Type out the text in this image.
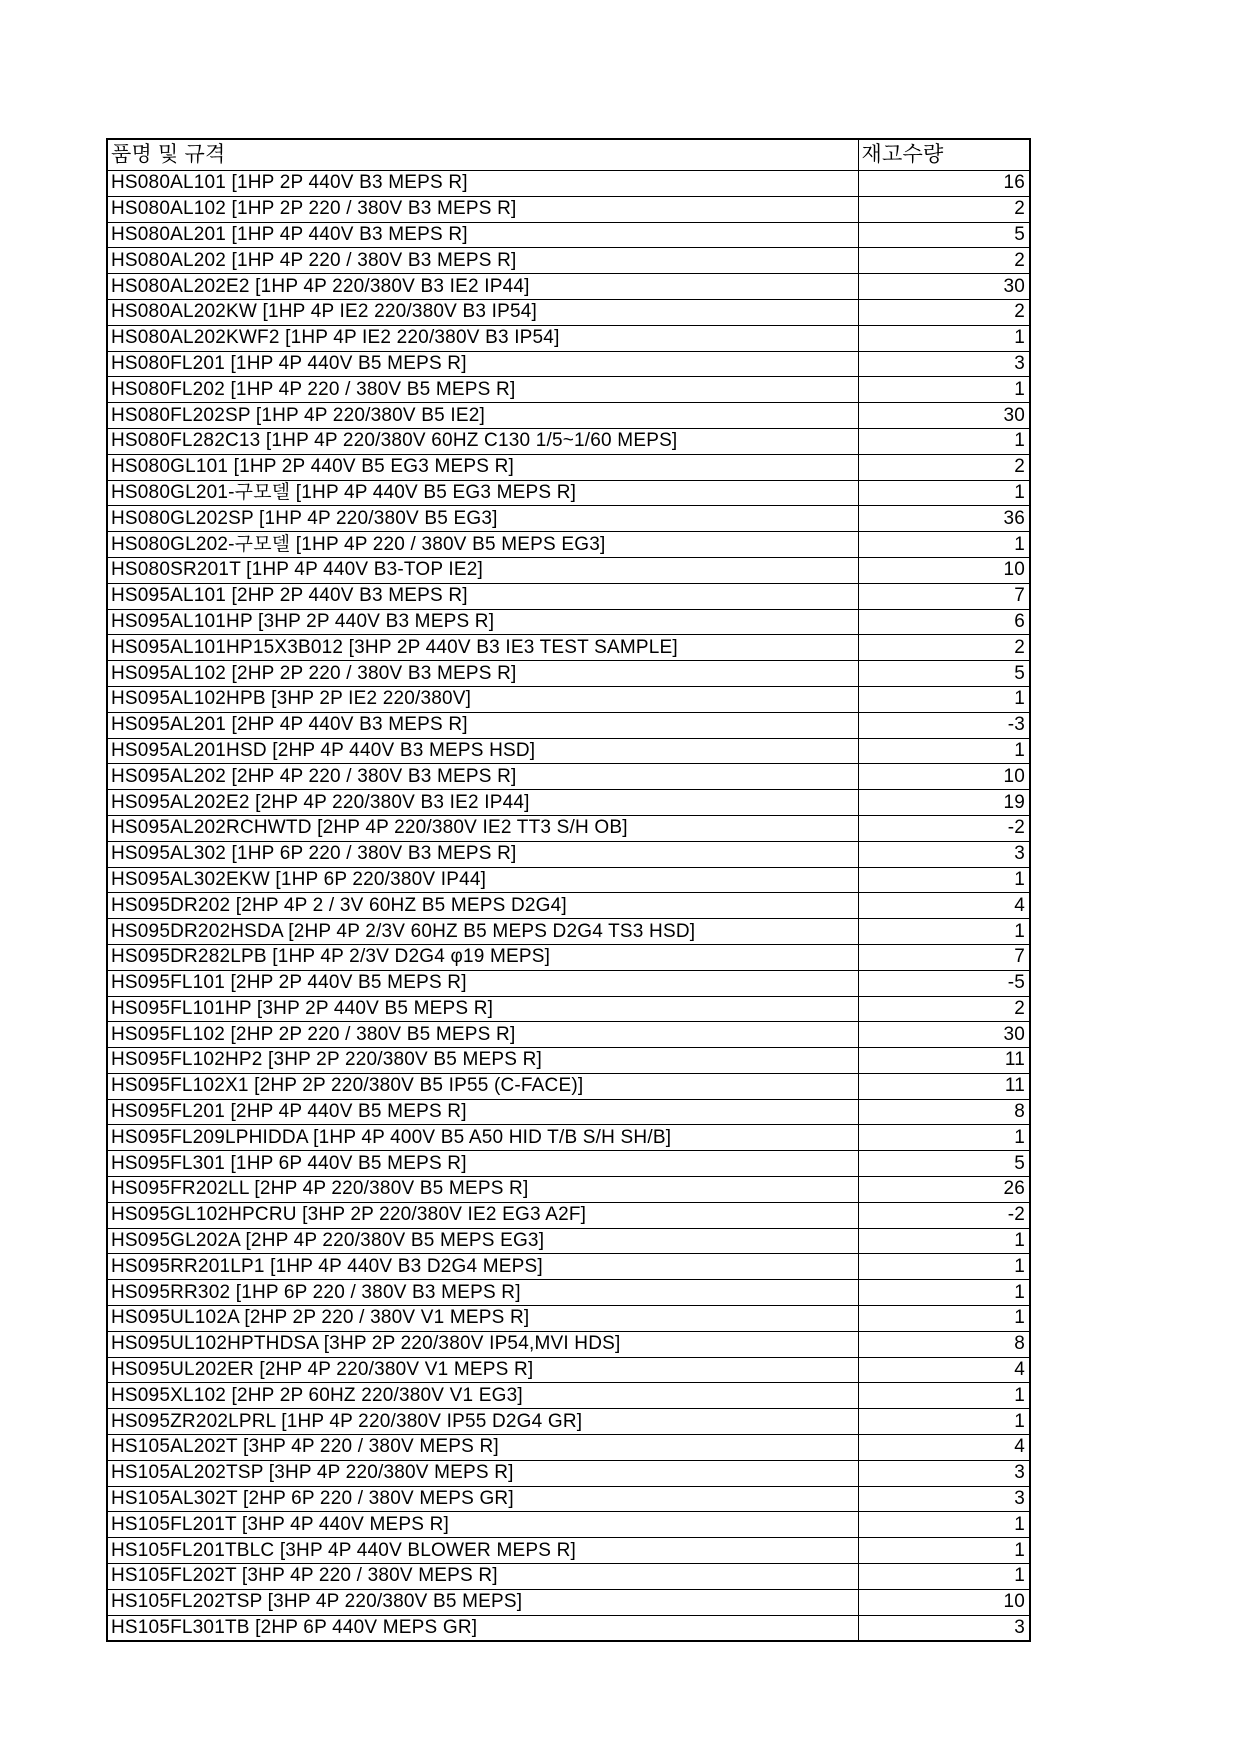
품명 및 규격	재고수량
HS080AL101 [1HP 2P 440V B3 MEPS R]	16
HS080AL102 [1HP 2P 220 / 380V B3 MEPS R]	2
HS080AL201 [1HP 4P 440V B3 MEPS R]	5
HS080AL202 [1HP 4P 220 / 380V B3 MEPS R]	2
HS080AL202E2 [1HP 4P 220/380V B3 IE2 IP44]	30
HS080AL202KW [1HP 4P IE2 220/380V B3 IP54]	2
HS080AL202KWF2 [1HP 4P IE2 220/380V B3 IP54]	1
HS080FL201 [1HP 4P 440V B5 MEPS R]	3
HS080FL202 [1HP 4P 220 / 380V B5 MEPS R]	1
HS080FL202SP [1HP 4P 220/380V B5 IE2]	30
HS080FL282C13 [1HP 4P 220/380V 60HZ C130 1/5~1/60 MEPS]	1
HS080GL101 [1HP 2P 440V B5 EG3 MEPS R]	2
HS080GL201-구모델 [1HP 4P 440V B5 EG3 MEPS R]	1
HS080GL202SP [1HP 4P 220/380V B5 EG3]	36
HS080GL202-구모델 [1HP 4P 220 / 380V B5 MEPS EG3]	1
HS080SR201T [1HP 4P 440V B3-TOP IE2]	10
HS095AL101 [2HP 2P 440V B3 MEPS R]	7
HS095AL101HP [3HP 2P 440V B3 MEPS R]	6
HS095AL101HP15X3B012 [3HP 2P 440V B3 IE3 TEST SAMPLE]	2
HS095AL102 [2HP 2P 220 / 380V B3 MEPS R]	5
HS095AL102HPB [3HP 2P IE2 220/380V]	1
HS095AL201 [2HP 4P 440V B3 MEPS R]	-3
HS095AL201HSD [2HP 4P 440V B3 MEPS HSD]	1
HS095AL202 [2HP 4P 220 / 380V B3 MEPS R]	10
HS095AL202E2 [2HP 4P 220/380V B3 IE2 IP44]	19
HS095AL202RCHWTD [2HP 4P 220/380V IE2 TT3 S/H OB]	-2
HS095AL302 [1HP 6P 220 / 380V B3 MEPS R]	3
HS095AL302EKW [1HP 6P 220/380V IP44]	1
HS095DR202 [2HP 4P 2 / 3V 60HZ B5 MEPS D2G4]	4
HS095DR202HSDA [2HP 4P 2/3V 60HZ B5 MEPS D2G4 TS3 HSD]	1
HS095DR282LPB [1HP 4P 2/3V D2G4 φ19 MEPS]	7
HS095FL101 [2HP 2P 440V B5 MEPS R]	-5
HS095FL101HP [3HP 2P 440V B5 MEPS R]	2
HS095FL102 [2HP 2P 220 / 380V B5 MEPS R]	30
HS095FL102HP2 [3HP 2P 220/380V B5 MEPS R]	11
HS095FL102X1 [2HP 2P 220/380V B5 IP55 (C-FACE)]	11
HS095FL201 [2HP 4P 440V B5 MEPS R]	8
HS095FL209LPHIDDA [1HP 4P 400V B5 A50 HID T/B S/H SH/B]	1
HS095FL301 [1HP 6P 440V B5 MEPS R]	5
HS095FR202LL [2HP 4P 220/380V B5 MEPS R]	26
HS095GL102HPCRU [3HP 2P 220/380V IE2 EG3 A2F]	-2
HS095GL202A [2HP 4P 220/380V B5 MEPS EG3]	1
HS095RR201LP1 [1HP 4P 440V B3 D2G4 MEPS]	1
HS095RR302 [1HP 6P 220 / 380V B3 MEPS R]	1
HS095UL102A [2HP 2P 220 / 380V V1 MEPS R]	1
HS095UL102HPTHDSA [3HP 2P 220/380V IP54,MVI HDS]	8
HS095UL202ER [2HP 4P 220/380V V1 MEPS R]	4
HS095XL102 [2HP 2P 60HZ 220/380V V1 EG3]	1
HS095ZR202LPRL [1HP 4P 220/380V IP55 D2G4 GR]	1
HS105AL202T [3HP 4P 220 / 380V MEPS R]	4
HS105AL202TSP [3HP 4P 220/380V MEPS R]	3
HS105AL302T [2HP 6P 220 / 380V MEPS GR]	3
HS105FL201T [3HP 4P 440V MEPS R]	1
HS105FL201TBLC [3HP 4P 440V BLOWER MEPS R]	1
HS105FL202T [3HP 4P 220 / 380V MEPS R]	1
HS105FL202TSP [3HP 4P 220/380V B5 MEPS]	10
HS105FL301TB [2HP 6P 440V MEPS GR]	3
